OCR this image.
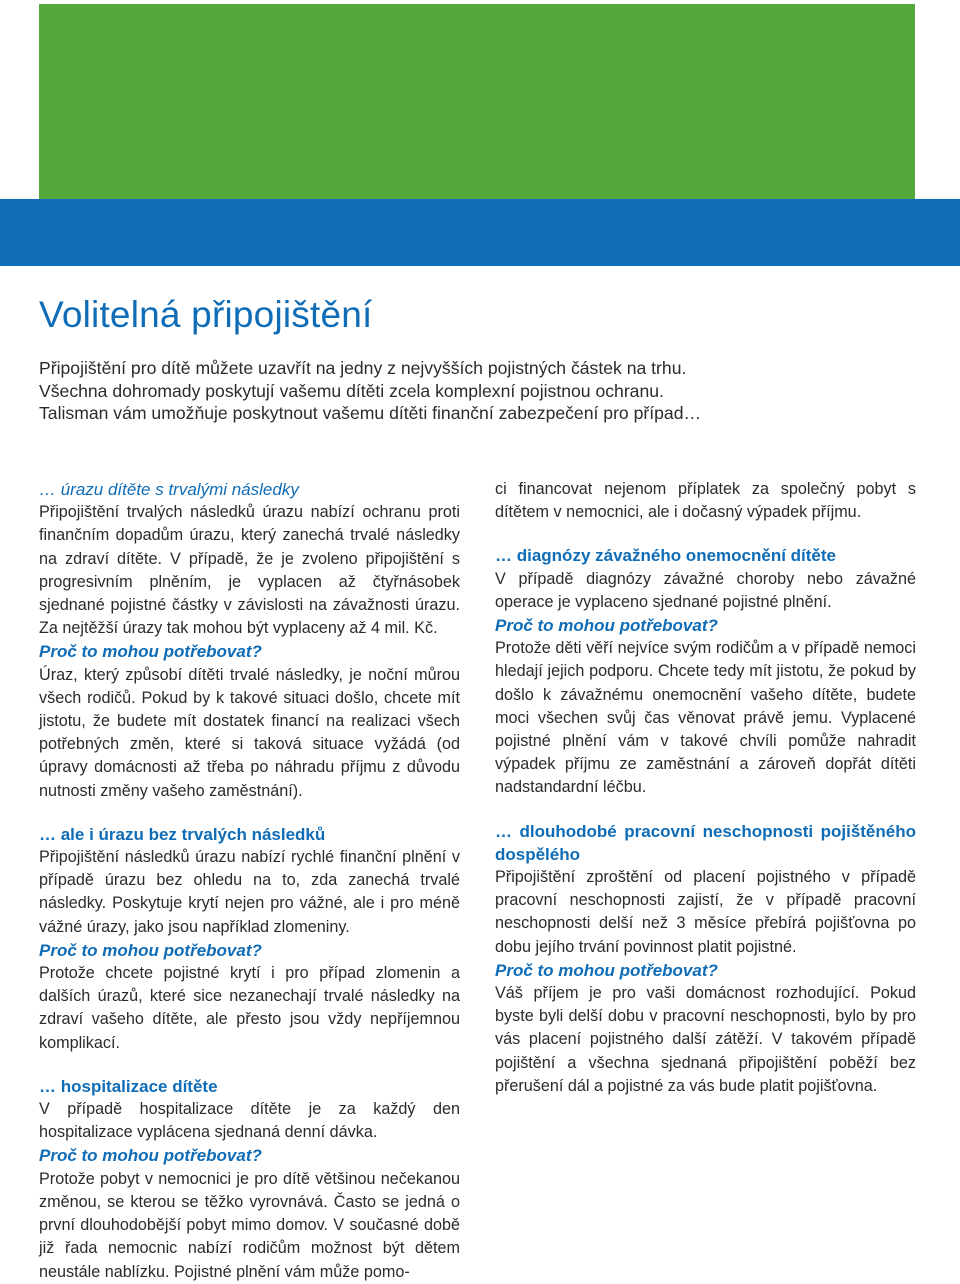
Volitelná připojištění

Připojištění pro dítě můžete uzavřít na jedny z nejvyšších pojistných částek na trhu.

Všechna dohromady poskytují vašemu dítěti zcela komplexní pojistnou ochranu.

Talisman vám umožňuje poskytnout vašemu dítěti finanční zabezpečení pro případ…

… úrazu dítěte s trvalými následky

Připojištění trvalých následků úrazu nabízí ochranu proti finančním dopadům úrazu, který zanechá trvalé následky na zdraví dítěte. V případě, že je zvoleno připojištění s progresivním plněním, je vyplacen až čtyřnásobek sjednané pojistné částky v závislosti na závažnosti úrazu. Za nejtěžší úrazy tak mohou být vyplaceny až 4 mil. Kč.

Proč to mohou potřebovat?

Úraz, který způsobí dítěti trvalé následky, je noční můrou všech rodičů. Pokud by k takové situaci došlo, chcete mít jistotu, že budete mít dostatek financí na realizaci všech potřebných změn, které si taková situace vyžádá (od úpravy domácnosti až třeba po náhradu příjmu z důvodu nutnosti změny vašeho zaměstnání).

… ale i úrazu bez trvalých následků

Připojištění následků úrazu nabízí rychlé finanční plnění v případě úrazu bez ohledu na to, zda zanechá trvalé následky. Poskytuje krytí nejen pro vážné, ale i pro méně vážné úrazy, jako jsou například zlomeniny.

Proč to mohou potřebovat?

Protože chcete pojistné krytí i pro případ zlomenin a dalších úrazů, které sice nezanechají trvalé následky na zdraví vašeho dítěte, ale přesto jsou vždy nepříjemnou komplikací.

… hospitalizace dítěte

V případě hospitalizace dítěte je za každý den hospitalizace vyplácena sjednaná denní dávka.

Proč to mohou potřebovat?

Protože pobyt v nemocnici je pro dítě většinou nečekanou změnou, se kterou se těžko vyrovnává. Často se jedná o první dlouhodobější pobyt mimo domov. V současné době již řada nemocnic nabízí rodičům možnost být dětem neustále nablízku. Pojistné plnění vám může pomo-

ci financovat nejenom příplatek za společný pobyt s dítětem v nemocnici, ale i dočasný výpadek příjmu.

… diagnózy závažného onemocnění dítěte

V případě diagnózy závažné choroby nebo závažné operace je vyplaceno sjednané pojistné plnění.

Proč to mohou potřebovat?

Protože děti věří nejvíce svým rodičům a v případě nemoci hledají jejich podporu. Chcete tedy mít jistotu, že pokud by došlo k závažnému onemocnění vašeho dítěte, budete moci všechen svůj čas věnovat právě jemu. Vyplacené pojistné plnění vám v takové chvíli pomůže nahradit výpadek příjmu ze zaměstnání a zároveň dopřát dítěti nadstandardní léčbu.

… dlouhodobé pracovní neschopnosti pojištěného dospělého

Připojištění zproštění od placení pojistného v případě pracovní neschopnosti zajistí, že v případě pracovní neschopnosti delší než 3 měsíce přebírá pojišťovna po dobu jejího trvání povinnost platit pojistné.

Proč to mohou potřebovat?

Váš příjem je pro vaši domácnost rozhodující. Pokud byste byli delší dobu v pracovní neschopnosti, bylo by pro vás placení pojistného další zátěží. V takovém případě pojištění a všechna sjednaná připojištění poběží bez přerušení dál a pojistné za vás bude platit pojišťovna.
